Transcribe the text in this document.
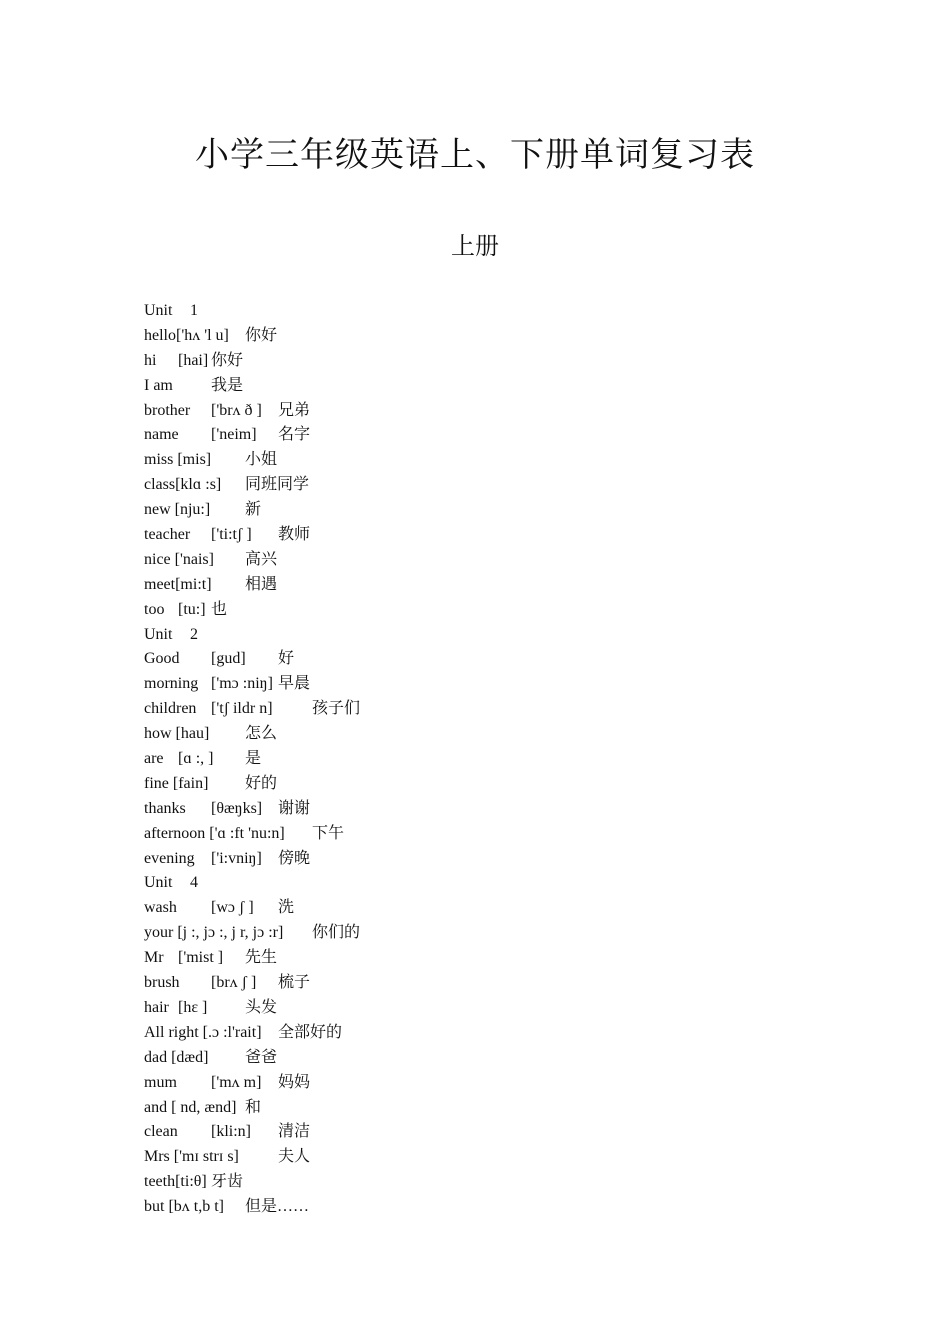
小学三年级英语上、下册单词复习表
上册
Unit 1
hello['hʌ 'l u] 你好
hi [hai] 你好
I am 我是
brother ['brʌ ð ] 兄弟
name ['neim] 名字
miss [mis] 小姐
class[klɑ :s] 同班同学
new [nju:] 新
teacher ['ti:tʃ ] 教师
nice ['nais] 高兴
meet[mi:t] 相遇
too [tu:] 也
Unit 2
Good [gud] 好
morning ['mɔ :niŋ] 早晨
children ['tʃ ildr n] 孩子们
how [hau] 怎么
are [ɑ :, ] 是
fine [fain] 好的
thanks [θæŋks] 谢谢
afternoon ['ɑ :ft 'nu:n] 下午
evening ['i:vniŋ] 傍晚
Unit 4
wash [wɔ ʃ ] 洗
your [j :, jɔ :, j r, jɔ :r] 你们的
Mr ['mist ] 先生
brush [brʌ ʃ ] 梳子
hair [hɛ ] 头发
All right [.ɔ :l'rait] 全部好的
dad [dæd] 爸爸
mum ['mʌ m] 妈妈
and [ nd, ænd] 和
clean [kli:n] 清洁
Mrs ['mɪ strɪ s] 夫人
teeth[ti:θ] 牙齿
but [bʌ t,b t] 但是……
